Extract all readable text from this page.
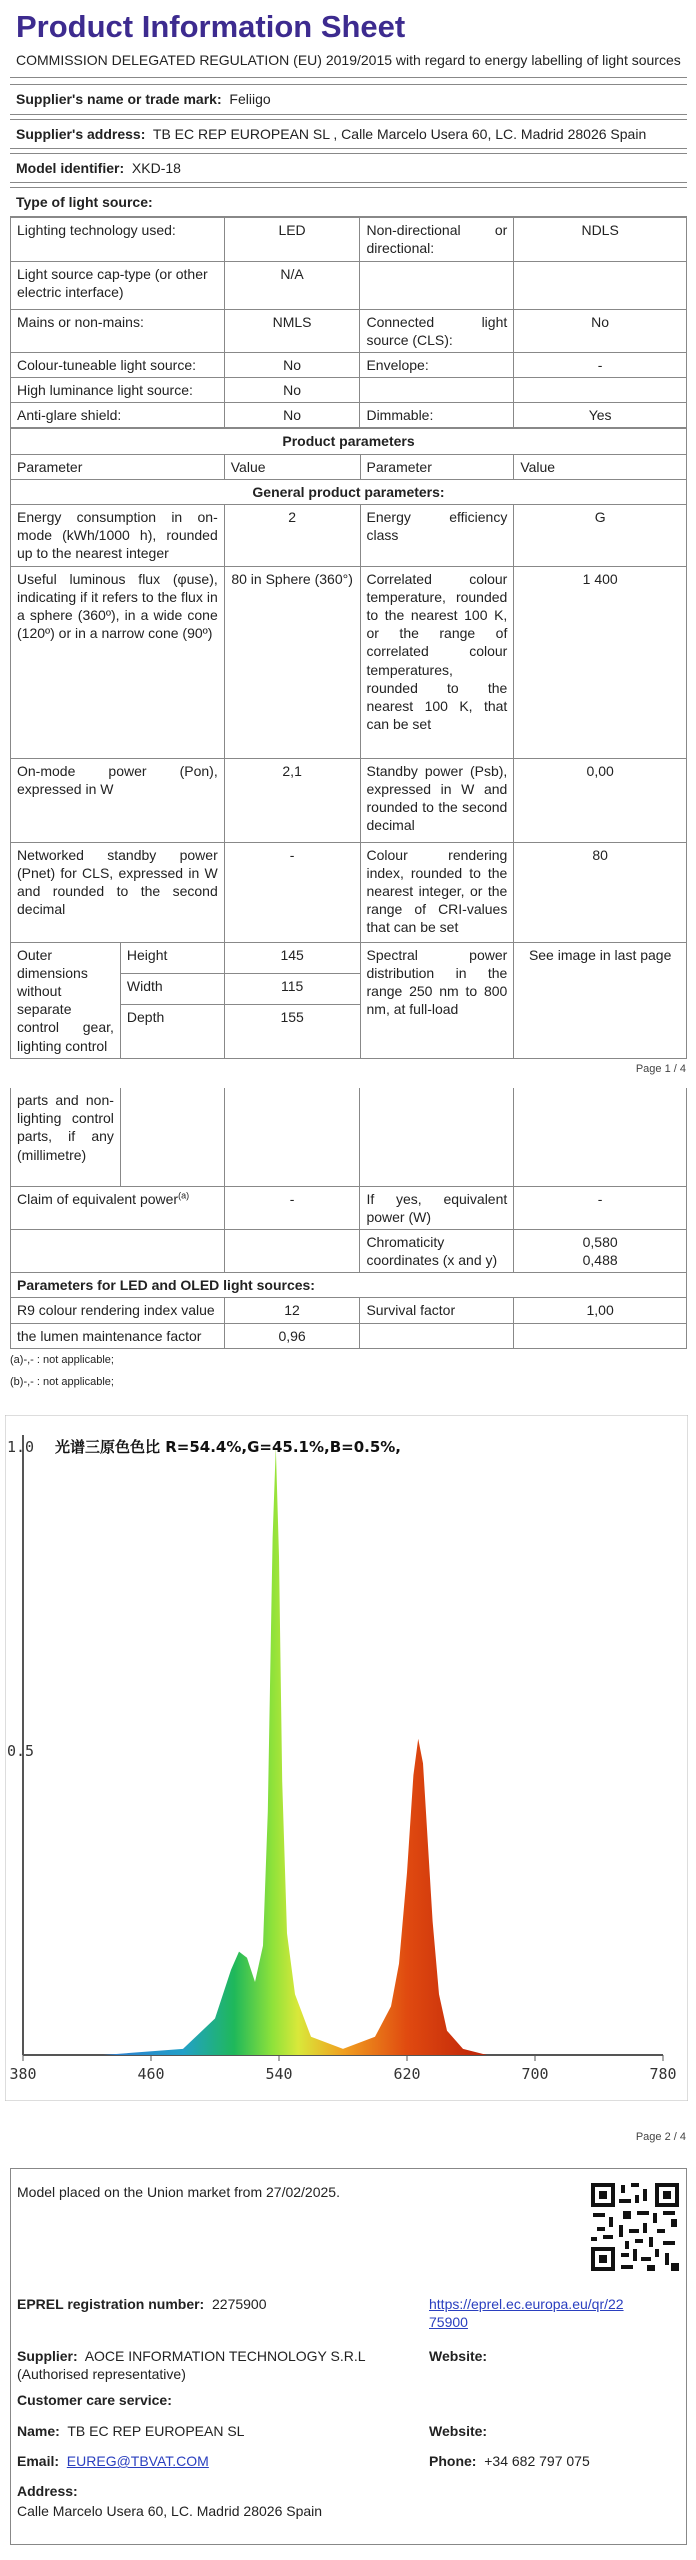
Product Information Sheet
COMMISSION DELEGATED REGULATION (EU) 2019/2015 with regard to energy labelling of light sources
Supplier's name or trade mark: Feliigo
Supplier's address: TB EC REP EUROPEAN SL , Calle Marcelo Usera 60, LC. Madrid 28026 Spain
Model identifier: XKD-18
Type of light source:
Lighting technology used:	LED	Non-directional or directional:	NDLS
Light source cap-type (or other electric interface)	N/A		
Mains or non-mains:	NMLS	Connected light source (CLS):	No
Colour-tuneable light source:	No	Envelope:	-
High luminance light source:	No		
Anti-glare shield:	No	Dimmable:	Yes
Product parameters				
Parameter		Value	Parameter	Value
General product parameters:				
Energy consumption in on-mode (kWh/1000 h), rounded up to the nearest integer		2	Energy efficiency class	G
Useful luminous flux (φuse), indicating if it refers to the flux in a sphere (360º), in a wide cone (120º) or in a narrow cone (90º)		80 in Sphere (360°)	Correlated colour temperature, rounded to the nearest 100 K, or the range of correlated colour temperatures, rounded to the nearest 100 K, that can be set	1 400
On-mode power (Pon), expressed in W		2,1	Standby power (Psb), expressed in W and rounded to the second decimal	0,00
Networked standby power (Pnet) for CLS, expressed in W and rounded to the second decimal		-	Colour rendering index, rounded to the nearest integer, or the range of CRI-values that can be set	80
Outer dimensions without separate control gear, lighting control	Height	145	Spectral power distribution in the range 250 nm to 800 nm, at full-load	See image in last page
	Width	115		
	Depth	155		
Page 1 / 4
parts and non-lighting control parts, if any (millimetre)				
Claim of equivalent power$^{(a)}$		-	If yes, equivalent power (W)	-
			Chromaticity coordinates (x and y)	0,580
0,488

Parameters for LED and OLED light sources:				
R9 colour rendering index value		12	Survival factor	1,00
the lumen maintenance factor		0,96		
(a)-,- : not applicable;
(b)-,- : not applicable;
380	460	540	620	700	780
1.0
0.5
光谱三原色色比 R=54.4%,G=45.1%,B=0.5%,
Page 2 / 4
Model placed on the Union market from 27/02/2025.
EPREL registration number: 2275900	https://eprel.ec.europa.eu/qr/2275900
Supplier: AOCE INFORMATION TECHNOLOGY S.R.L (Authorised representative)
Website:
Customer care service:
Name: TB EC REP EUROPEAN SL	Website:
Email: EUREG@TBVAT.COM	Phone: +34 682 797 075
Address:
Calle Marcelo Usera 60, LC. Madrid 28026 Spain
